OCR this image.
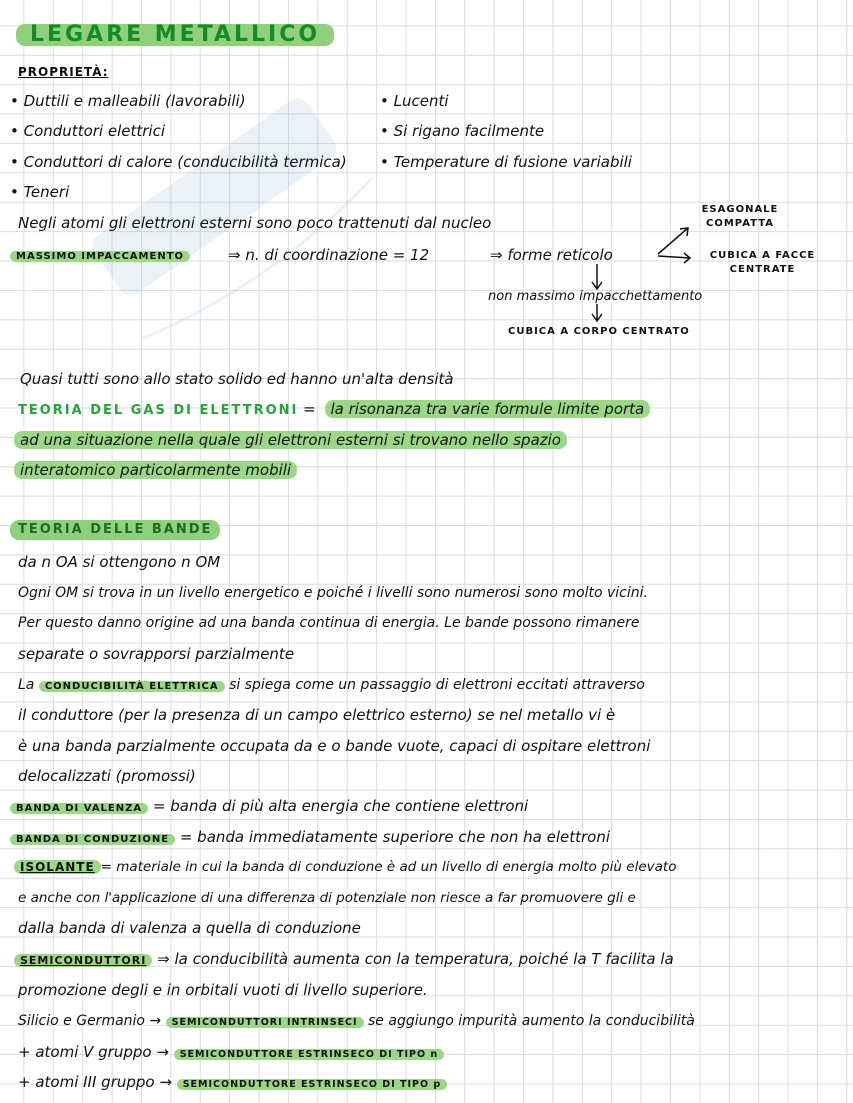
LEGARE METALLICO
PROPRIETÀ:
• Duttili e malleabili (lavorabili)
• Conduttori elettrici
• Conduttori di calore (conducibilità termica)
• Teneri
• Lucenti
• Si rigano facilmente
• Temperature di fusione variabili
Negli atomi gli elettroni esterni sono poco trattenuti dal nucleo
MASSIMO IMPACCAMENTO	⇒ n. di coordinazione = 12	⇒ forme reticolo
ESAGONALE COMPATTA
CUBICA A FACCE CENTRATE
non massimo impacchettamento
CUBICA A CORPO CENTRATO
Quasi tutti sono allo stato solido ed hanno un'alta densità
TEORIA DEL GAS DI ELETTRONI = la risonanza tra varie formule limite porta
ad una situazione nella quale gli elettroni esterni si trovano nello spazio
interatomico particolarmente mobili
TEORIA DELLE BANDE
da n OA si ottengono n OM
Ogni OM si trova in un livello energetico e poiché i livelli sono numerosi sono molto vicini.
Per questo danno origine ad una banda continua di energia. Le bande possono rimanere
separate o sovrapporsi parzialmente
La CONDUCIBILITÀ ELETTRICA si spiega come un passaggio di elettroni eccitati attraverso
il conduttore (per la presenza di un campo elettrico esterno) se nel metallo vi è
è una banda parzialmente occupata da e o bande vuote, capaci di ospitare elettroni
delocalizzati (promossi)
BANDA DI VALENZA = banda di più alta energia che contiene elettroni
BANDA DI CONDUZIONE = banda immediatamente superiore che non ha elettroni
ISOLANTE = materiale in cui la banda di conduzione è ad un livello di energia molto più elevato
e anche con l'applicazione di una differenza di potenziale non riesce a far promuovere gli e
dalla banda di valenza a quella di conduzione
SEMICONDUTTORI ⇒ la conducibilità aumenta con la temperatura, poiché la T facilita la
promozione degli e in orbitali vuoti di livello superiore.
Silicio e Germanio → SEMICONDUTTORI INTRINSECI se aggiungo impurità aumento la conducibilità
+ atomi V gruppo → SEMICONDUTTORE ESTRINSECO DI TIPO n
+ atomi III gruppo → SEMICONDUTTORE ESTRINSECO DI TIPO p
